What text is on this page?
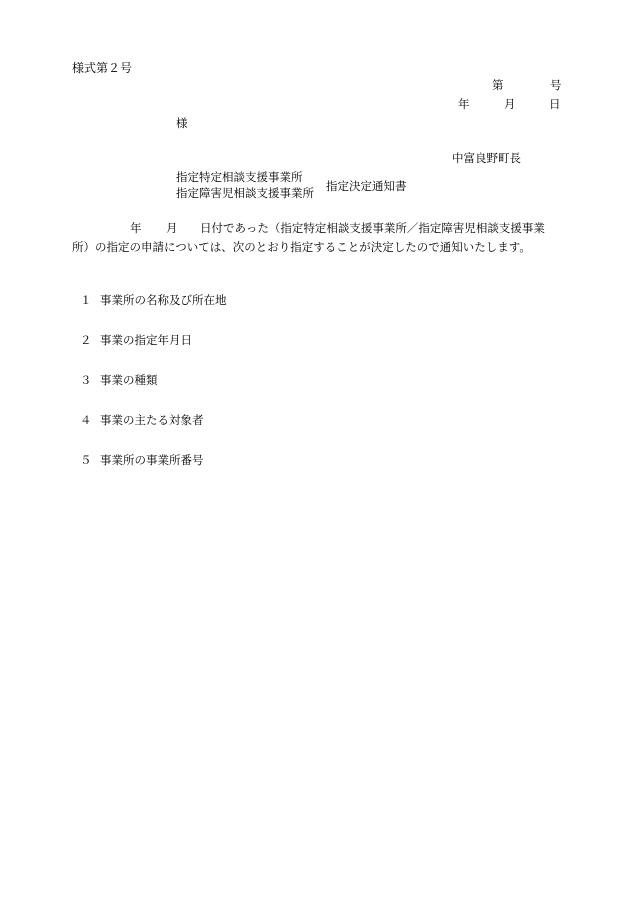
様式第２号
第	号
年	月	日
様
中富良野町長
指定特定相談支援事業所
指定障害児相談支援事業所 指定決定通知書
年 月 日付であった（指定特定相談支援事業所／指定障害児相談支援事業
所）の指定の申請については、次のとおり指定することが決定したので通知いたします。
１ 事業所の名称及び所在地
２ 事業の指定年月日
３ 事業の種類
４ 事業の主たる対象者
５ 事業所の事業所番号
